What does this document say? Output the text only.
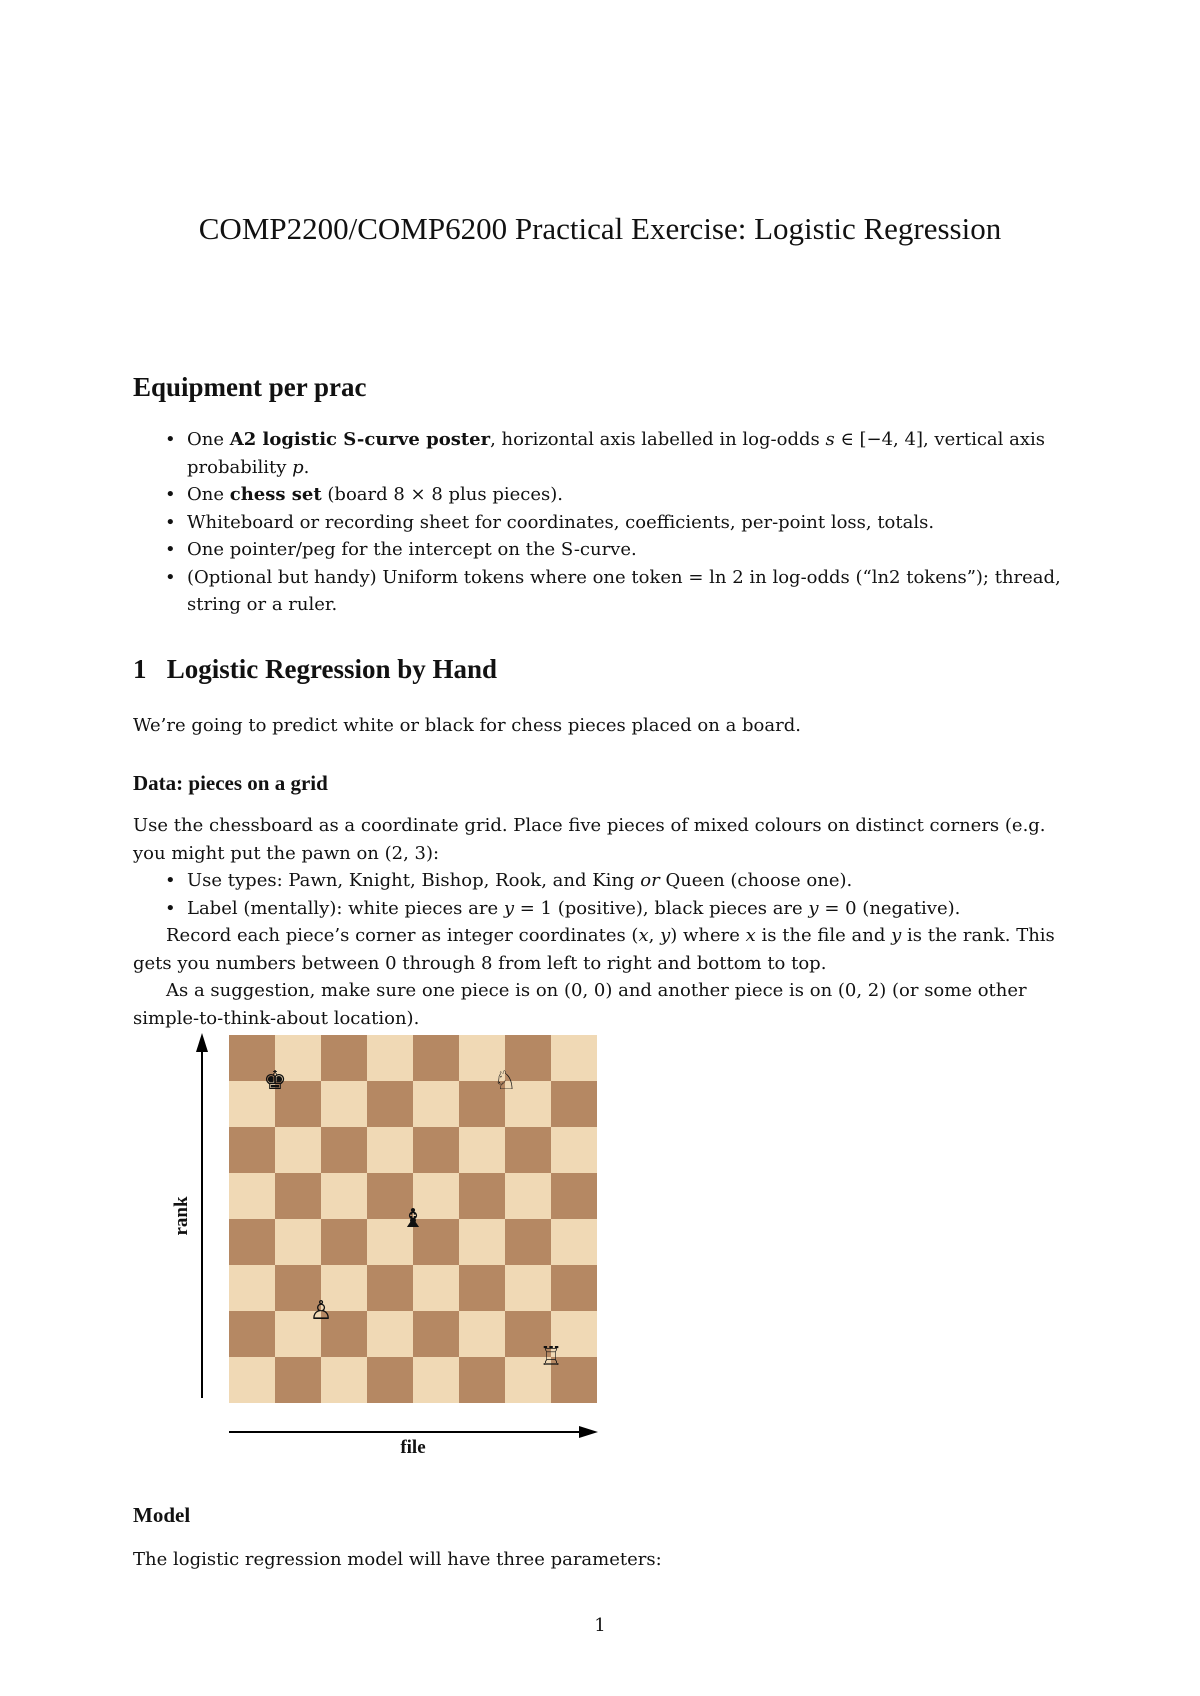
COMP2200/COMP6200 Practical Exercise: Logistic Regression
Equipment per prac
• One A2 logistic S-curve poster, horizontal axis labelled in log-odds s ∈ [−4, 4], vertical axis probability p.
• One chess set (board 8 × 8 plus pieces).
• Whiteboard or recording sheet for coordinates, coefficients, per-point loss, totals.
• One pointer/peg for the intercept on the S-curve.
• (Optional but handy) Uniform tokens where one token = ln 2 in log-odds (“ln2 tokens”); thread, string or a ruler.
1   Logistic Regression by Hand
We’re going to predict white or black for chess pieces placed on a board.
Data: pieces on a grid
Use the chessboard as a coordinate grid. Place five pieces of mixed colours on distinct corners (e.g. you might put the pawn on (2, 3):
• Use types: Pawn, Knight, Bishop, Rook, and King or Queen (choose one).
• Label (mentally): white pieces are y = 1 (positive), black pieces are y = 0 (negative).
Record each piece’s corner as integer coordinates (x, y) where x is the file and y is the rank. This gets you numbers between 0 through 8 from left to right and bottom to top.
As a suggestion, make sure one piece is on (0, 0) and another piece is on (0, 2) (or some other simple-to-think-about location).
♚	♘
♝
♙
♖
file
rank
Model
The logistic regression model will have three parameters:
1
